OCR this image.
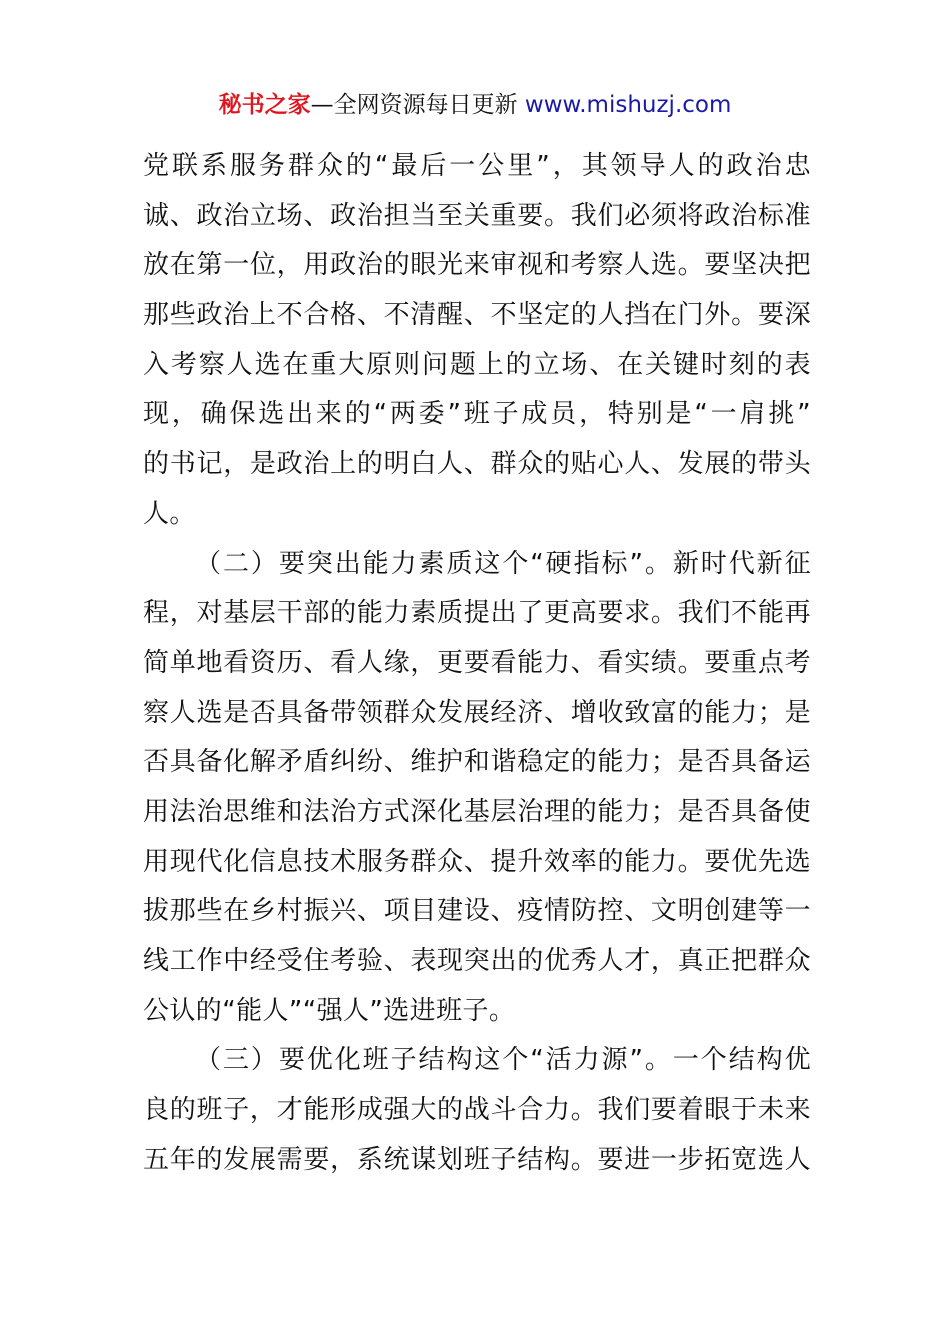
秘书之家—全网资源每日更新 www.mishuzj.com
党联系服务群众的“最后一公里”，其领导人的政治忠
诚、政治立场、政治担当至关重要。我们必须将政治标准
放在第一位，用政治的眼光来审视和考察人选。要坚决把
那些政治上不合格、不清醒、不坚定的人挡在门外。要深
入考察人选在重大原则问题上的立场、在关键时刻的表
现，确保选出来的“两委”班子成员，特别是“一肩挑”
的书记，是政治上的明白人、群众的贴心人、发展的带头
人。
（二）要突出能力素质这个“硬指标”。新时代新征
程，对基层干部的能力素质提出了更高要求。我们不能再
简单地看资历、看人缘，更要看能力、看实绩。要重点考
察人选是否具备带领群众发展经济、增收致富的能力；是
否具备化解矛盾纠纷、维护和谐稳定的能力；是否具备运
用法治思维和法治方式深化基层治理的能力；是否具备使
用现代化信息技术服务群众、提升效率的能力。要优先选
拔那些在乡村振兴、项目建设、疫情防控、文明创建等一
线工作中经受住考验、表现突出的优秀人才，真正把群众
公认的“能人”“强人”选进班子。
（三）要优化班子结构这个“活力源”。一个结构优
良的班子，才能形成强大的战斗合力。我们要着眼于未来
五年的发展需要，系统谋划班子结构。要进一步拓宽选人
